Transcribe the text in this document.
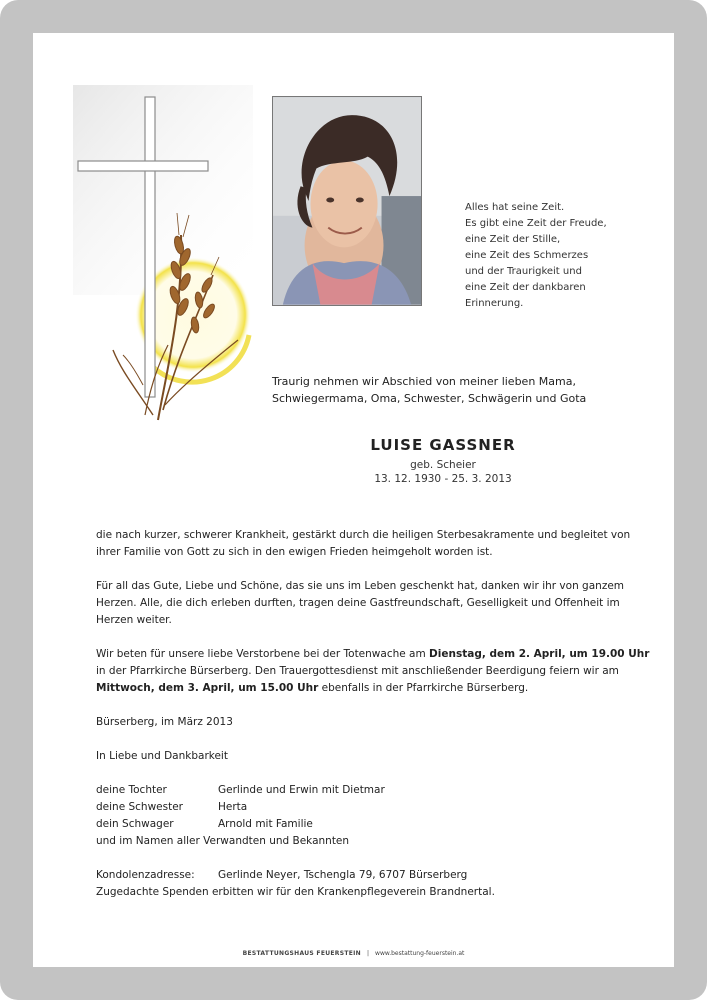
Alles hat seine Zeit.
Es gibt eine Zeit der Freude,
eine Zeit der Stille,
eine Zeit des Schmerzes
und der Traurigkeit und
eine Zeit der dankbaren
Erinnerung.
Traurig nehmen wir Abschied von meiner lieben Mama,
Schwiegermama, Oma, Schwester, Schwägerin und Gota
LUISE GASSNER
geb. Scheier
13. 12. 1930 - 25. 3. 2013

die nach kurzer, schwerer Krankheit, gestärkt durch die heiligen Sterbesakramente und begleitet von
ihrer Familie von Gott zu sich in den ewigen Frieden heimgeholt worden ist.

Für all das Gute, Liebe und Schöne, das sie uns im Leben geschenkt hat, danken wir ihr von ganzem
Herzen. Alle, die dich erleben durften, tragen deine Gastfreundschaft, Geselligkeit und Offenheit im
Herzen weiter.

Wir beten für unsere liebe Verstorbene bei der Totenwache am Dienstag, dem 2. April, um 19.00 Uhr
in der Pfarrkirche Bürserberg. Den Trauergottesdienst mit anschließender Beerdigung feiern wir am
Mittwoch, dem 3. April, um 15.00 Uhr ebenfalls in der Pfarrkirche Bürserberg.

Bürserberg, im März 2013

In Liebe und Dankbarkeit

deine Tochter	Gerlinde und Erwin mit Dietmar
deine Schwester	Herta
dein Schwager	Arnold mit Familie
und im Namen aller Verwandten und Bekannten

Kondolenzadresse:	Gerlinde Neyer, Tschengla 79, 6707 Bürserberg
Zugedachte Spenden erbitten wir für den Krankenpflegeverein Brandnertal.

BESTATTUNGSHAUS FEUERSTEIN | www.bestattung-feuerstein.at
